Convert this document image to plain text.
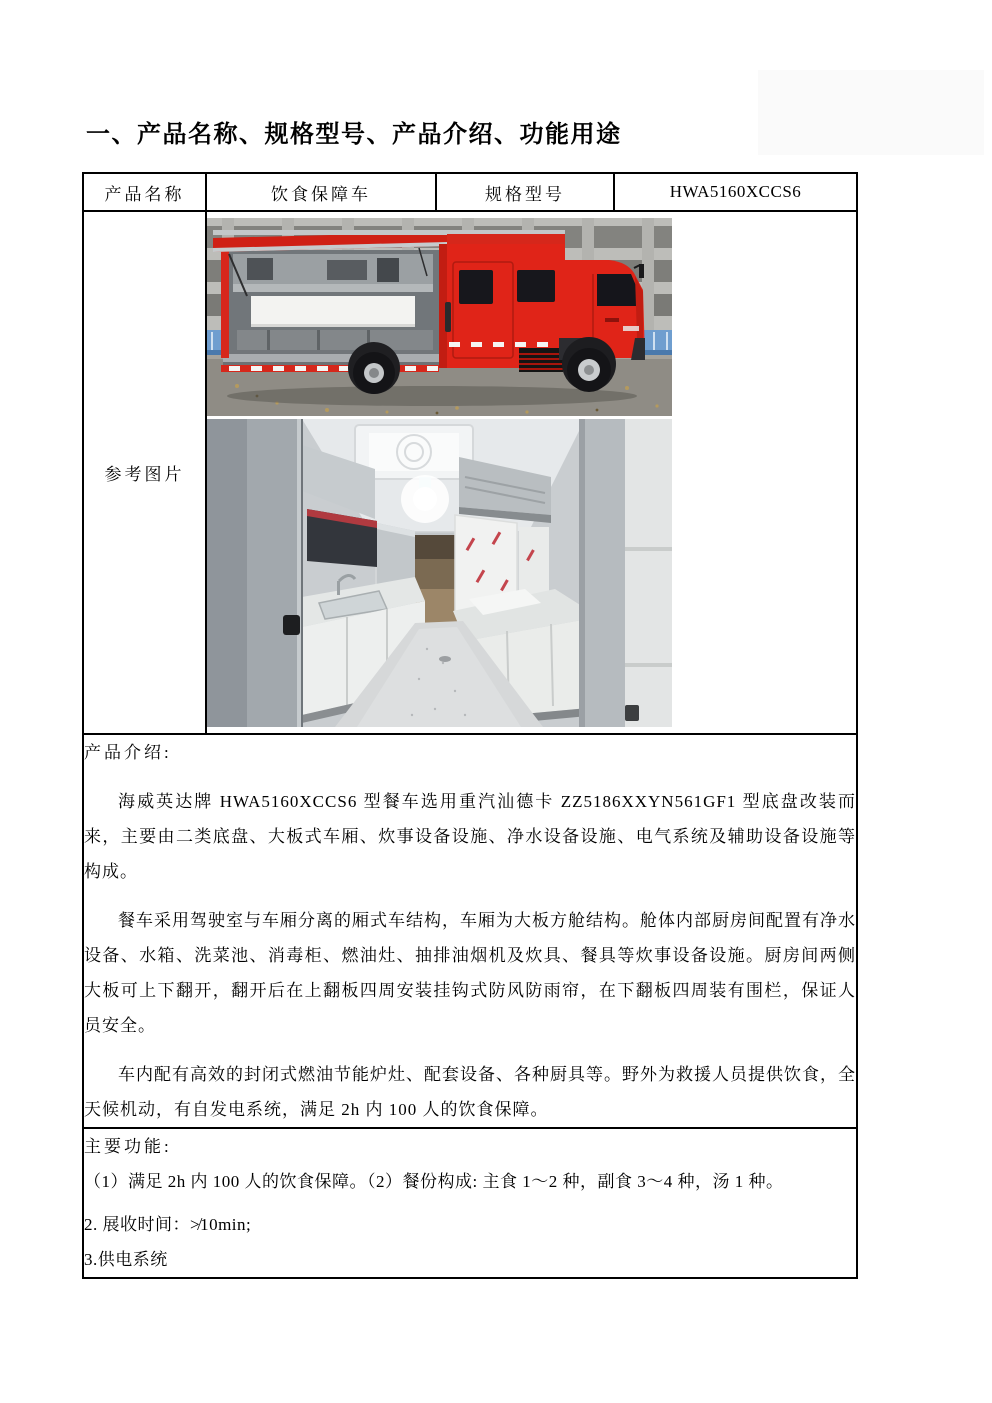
一、产品名称、规格型号、产品介绍、功能用途
产品名称	饮食保障车	规格型号	HWA5160XCCS6
参考图片	

产品介绍:

海威英达牌 HWA5160XCCS6 型餐车选用重汽汕德卡 ZZ5186XXYN561GF1 型底盘改装而来，主要由二类底盘、大板式车厢、炊事设备设施、净水设备设施、电气系统及辅助设备设施等构成。

餐车采用驾驶室与车厢分离的厢式车结构，车厢为大板方舱结构。舱体内部厨房间配置有净水设备、水箱、洗菜池、消毒柜、燃油灶、抽排油烟机及炊具、餐具等炊事设备设施。厨房间两侧大板可上下翻开，翻开后在上翻板四周安装挂钩式防风防雨帘，在下翻板四周装有围栏，保证人员安全。

车内配有高效的封闭式燃油节能炉灶、配套设备、各种厨具等。野外为救援人员提供饮食，全天候机动，有自发电系统，满足 2h 内 100 人的饮食保障。			

主要功能:

（1）满足 2h 内 100 人的饮食保障。（2）餐份构成: 主食 1～2 种，副食 3～4 种，汤 1 种。

2. 展收时间：≯10min;

3.供电系统			
